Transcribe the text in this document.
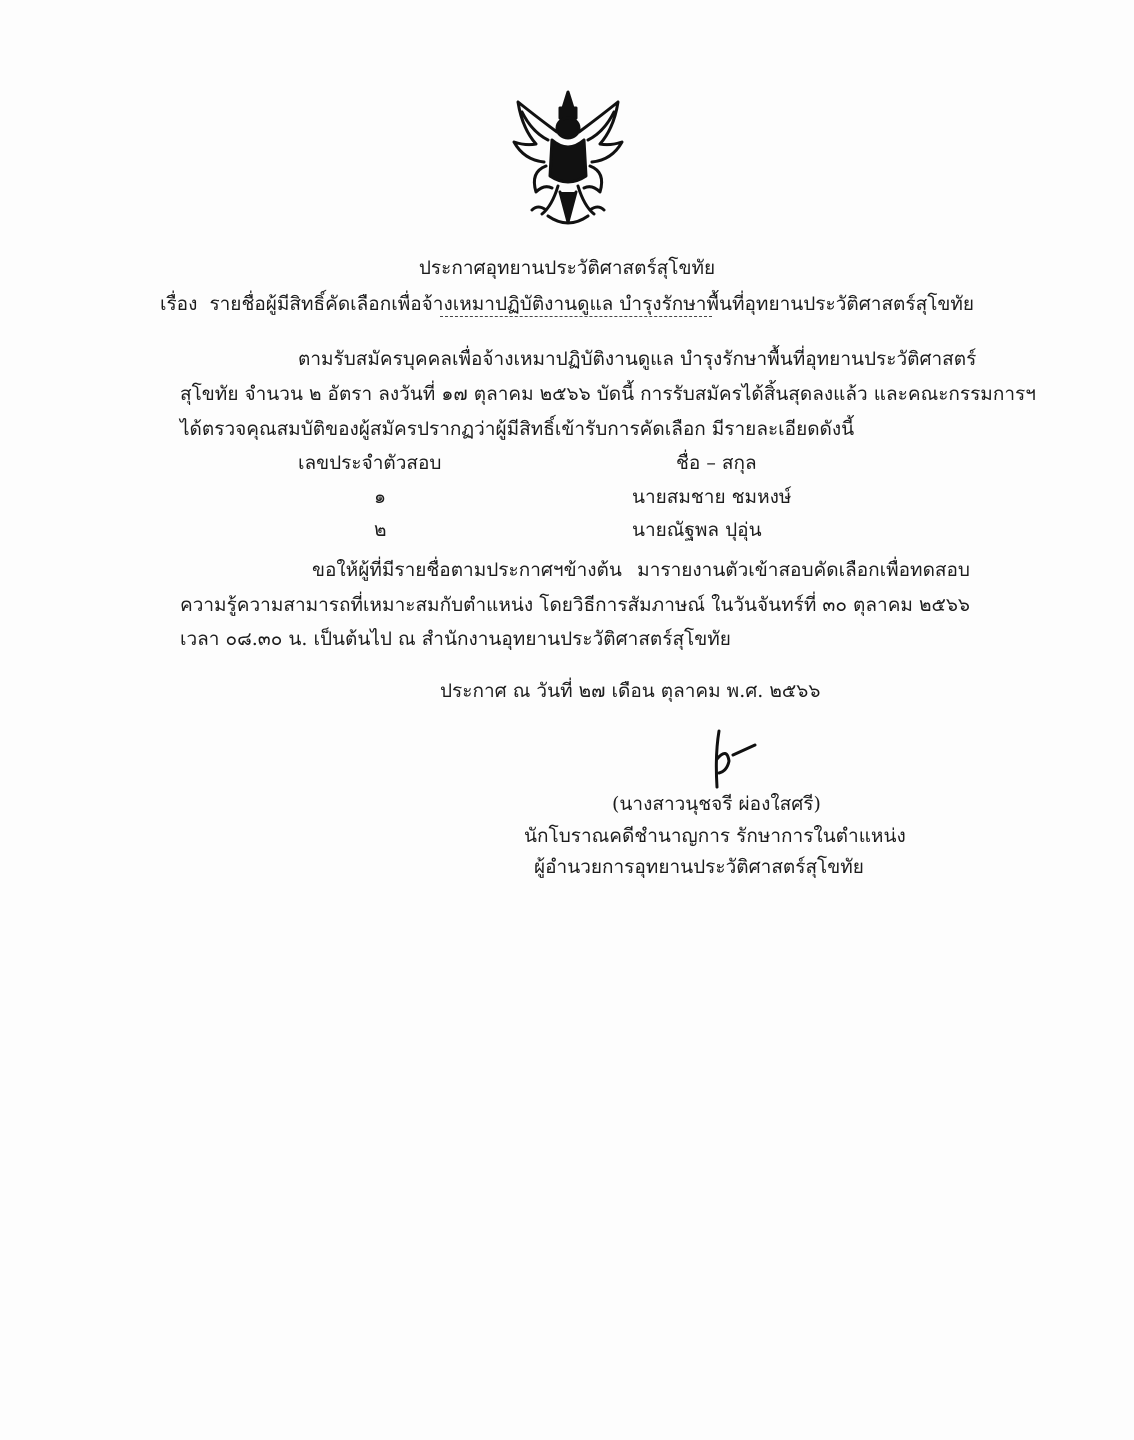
ประกาศอุทยานประวัติศาสตร์สุโขทัย
เรื่อง รายชื่อผู้มีสิทธิ์คัดเลือกเพื่อจ้างเหมาปฏิบัติงานดูแล บำรุงรักษาพื้นที่อุทยานประวัติศาสตร์สุโขทัย
ตามรับสมัครบุคคลเพื่อจ้างเหมาปฏิบัติงานดูแล บำรุงรักษาพื้นที่อุทยานประวัติศาสตร์
สุโขทัย จำนวน ๒ อัตรา ลงวันที่ ๑๗ ตุลาคม ๒๕๖๖ บัดนี้ การรับสมัครได้สิ้นสุดลงแล้ว และคณะกรรมการฯ
ได้ตรวจคุณสมบัติของผู้สมัครปรากฏว่าผู้มีสิทธิ์เข้ารับการคัดเลือก มีรายละเอียดดังนี้
เลขประจำตัวสอบ	ชื่อ – สกุล
๑	นายสมชาย ชมหงษ์
๒	นายณัฐพล ปุอุ่น
ขอให้ผู้ที่มีรายชื่อตามประกาศฯข้างต้น มารายงานตัวเข้าสอบคัดเลือกเพื่อทดสอบ
ความรู้ความสามารถที่เหมาะสมกับตำแหน่ง โดยวิธีการสัมภาษณ์ ในวันจันทร์ที่ ๓๐ ตุลาคม ๒๕๖๖
เวลา ๐๘.๓๐ น. เป็นต้นไป ณ สำนักงานอุทยานประวัติศาสตร์สุโขทัย
ประกาศ ณ วันที่ ๒๗ เดือน ตุลาคม พ.ศ. ๒๕๖๖
(นางสาวนุชจรี ผ่องใสศรี)
นักโบราณคดีชำนาญการ รักษาการในตำแหน่ง
ผู้อำนวยการอุทยานประวัติศาสตร์สุโขทัย
